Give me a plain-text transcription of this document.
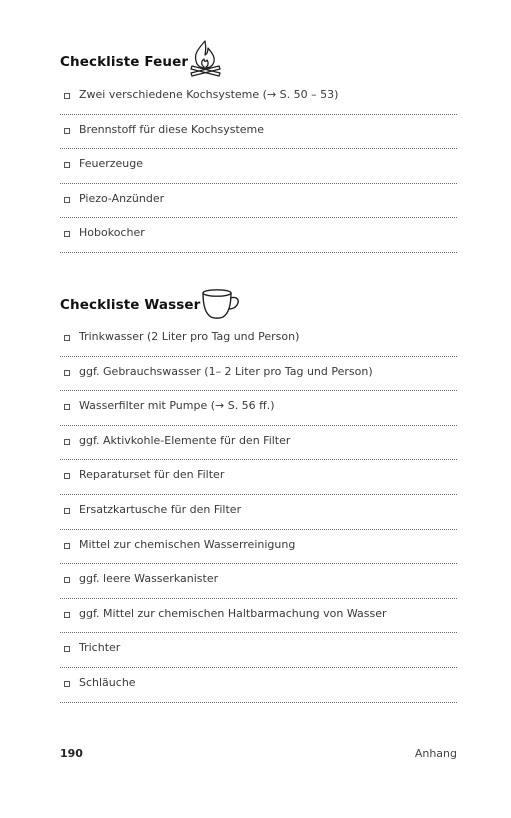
Checkliste Feuer
Zwei verschiedene Kochsysteme (→ S. 50 – 53)
Brennstoff für diese Kochsysteme
Feuerzeuge
Piezo-Anzünder
Hobokocher
Checkliste Wasser
Trinkwasser (2 Liter pro Tag und Person)
ggf. Gebrauchswasser (1– 2 Liter pro Tag und Person)
Wasserfilter mit Pumpe (→ S. 56 ff.)
ggf. Aktivkohle-Elemente für den Filter
Reparaturset für den Filter
Ersatzkartusche für den Filter
Mittel zur chemischen Wasserreinigung
ggf. leere Wasserkanister
ggf. Mittel zur chemischen Haltbarmachung von Wasser
Trichter
Schläuche
190	Anhang
